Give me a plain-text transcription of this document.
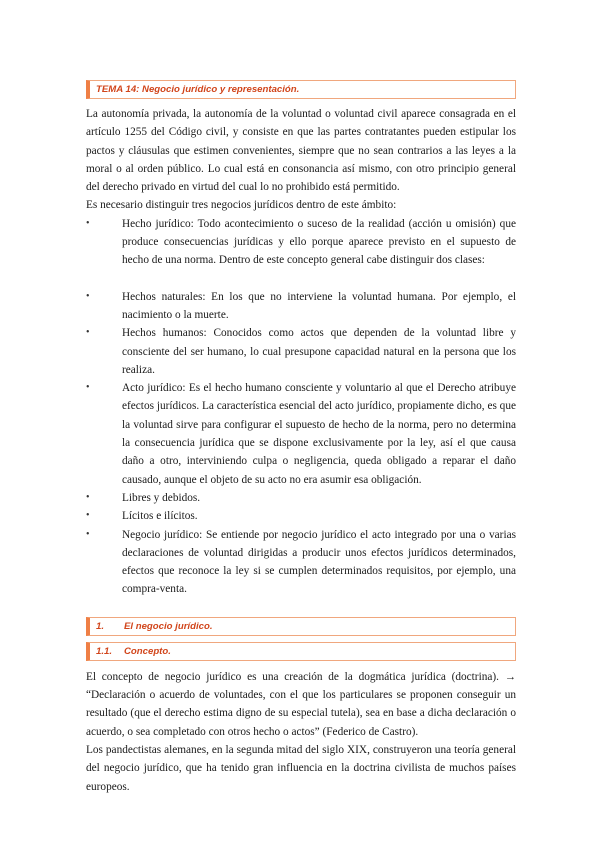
TEMA 14: Negocio jurídico y representación.

La autonomía privada, la autonomía de la voluntad o voluntad civil aparece consagrada en el artículo 1255 del Código civil, y consiste en que las partes contratantes pueden estipular los pactos y cláusulas que estimen convenientes, siempre que no sean contrarios a las leyes a la moral o al orden público. Lo cual está en consonancia así mismo, con otro principio general del derecho privado en virtud del cual lo no prohibido está permitido.

Es necesario distinguir tres negocios jurídicos dentro de este ámbito:

•	Hecho jurídico: Todo acontecimiento o suceso de la realidad (acción u omisión) que produce consecuencias jurídicas y ello porque aparece previsto en el supuesto de hecho de una norma. Dentro de este concepto general cabe distinguir dos clases:
•	Hechos naturales: En los que no interviene la voluntad humana. Por ejemplo, el nacimiento o la muerte.
•	Hechos humanos: Conocidos como actos que dependen de la voluntad libre y consciente del ser humano, lo cual presupone capacidad natural en la persona que los realiza.
•	Acto jurídico: Es el hecho humano consciente y voluntario al que el Derecho atribuye efectos jurídicos. La característica esencial del acto jurídico, propiamente dicho, es que la voluntad sirve para configurar el supuesto de hecho de la norma, pero no determina la consecuencia jurídica que se dispone exclusivamente por la ley, así el que causa daño a otro, interviniendo culpa o negligencia, queda obligado a reparar el daño causado, aunque el objeto de su acto no era asumir esa obligación.
•	Libres y debidos.
•	Lícitos e ilícitos.
•	Negocio jurídico: Se entiende por negocio jurídico el acto integrado por una o varias declaraciones de voluntad dirigidas a producir unos efectos jurídicos determinados, efectos que reconoce la ley si se cumplen determinados requisitos, por ejemplo, una compra-venta.
1. El negocio jurídico.
1.1. Concepto.

El concepto de negocio jurídico es una creación de la dogmática jurídica (doctrina). → “Declaración o acuerdo de voluntades, con el que los particulares se proponen conseguir un resultado (que el derecho estima digno de su especial tutela), sea en base a dicha declaración o acuerdo, o sea completado con otros hecho o actos” (Federico de Castro).

Los pandectistas alemanes, en la segunda mitad del siglo XIX, construyeron una teoría general del negocio jurídico, que ha tenido gran influencia en la doctrina civilista de muchos países europeos.
